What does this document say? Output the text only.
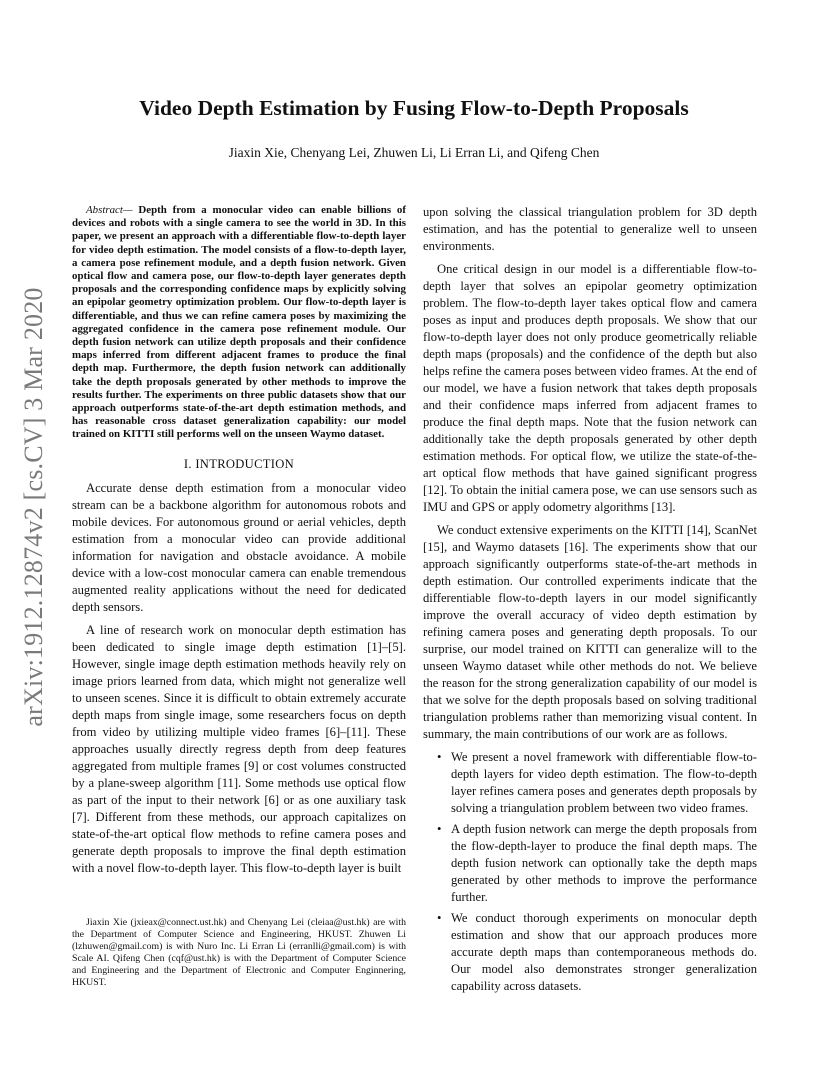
arXiv:1912.12874v2 [cs.CV] 3 Mar 2020
Video Depth Estimation by Fusing Flow-to-Depth Proposals
Jiaxin Xie, Chenyang Lei, Zhuwen Li, Li Erran Li, and Qifeng Chen

Abstract— Depth from a monocular video can enable billions of devices and robots with a single camera to see the world in 3D. In this paper, we present an approach with a differentiable flow-to-depth layer for video depth estimation. The model consists of a flow-to-depth layer, a camera pose refinement module, and a depth fusion network. Given optical flow and camera pose, our flow-to-depth layer generates depth proposals and the corresponding confidence maps by explicitly solving an epipolar geometry optimization problem. Our flow-to-depth layer is differentiable, and thus we can refine camera poses by maximizing the aggregated confidence in the camera pose refinement module. Our depth fusion network can utilize depth proposals and their confidence maps inferred from different adjacent frames to produce the final depth map. Furthermore, the depth fusion network can additionally take the depth proposals generated by other methods to improve the results further. The experiments on three public datasets show that our approach outperforms state-of-the-art depth estimation methods, and has reasonable cross dataset generalization capability: our model trained on KITTI still performs well on the unseen Waymo dataset.

I. INTRODUCTION

Accurate dense depth estimation from a monocular video stream can be a backbone algorithm for autonomous robots and mobile devices. For autonomous ground or aerial vehicles, depth estimation from a monocular video can provide additional information for navigation and obstacle avoidance. A mobile device with a low-cost monocular camera can enable tremendous augmented reality applications without the need for dedicated depth sensors.

A line of research work on monocular depth estimation has been dedicated to single image depth estimation [1]–[5]. However, single image depth estimation methods heavily rely on image priors learned from data, which might not generalize well to unseen scenes. Since it is difficult to obtain extremely accurate depth maps from single image, some researchers focus on depth from video by utilizing multiple video frames [6]–[11]. These approaches usually directly regress depth from deep features aggregated from multiple frames [9] or cost volumes constructed by a plane-sweep algorithm [11]. Some methods use optical flow as part of the input to their network [6] or as one auxiliary task [7]. Different from these methods, our approach capitalizes on state-of-the-art optical flow methods to refine camera poses and generate depth proposals to improve the final depth estimation with a novel flow-to-depth layer. This flow-to-depth layer is built

Jiaxin Xie (jxieax@connect.ust.hk) and Chenyang Lei (cleiaa@ust.hk) are with the Department of Computer Science and Engineering, HKUST. Zhuwen Li (lzhuwen@gmail.com) is with Nuro Inc. Li Erran Li (erranlli@gmail.com) is with Scale AI. Qifeng Chen (cqf@ust.hk) is with the Department of Computer Science and Engineering and the Department of Electronic and Computer Enginnering, HKUST.

upon solving the classical triangulation problem for 3D depth estimation, and has the potential to generalize well to unseen environments.

One critical design in our model is a differentiable flow-to-depth layer that solves an epipolar geometry optimization problem. The flow-to-depth layer takes optical flow and camera poses as input and produces depth proposals. We show that our flow-to-depth layer does not only produce geometrically reliable depth maps (proposals) and the confidence of the depth but also helps refine the camera poses between video frames. At the end of our model, we have a fusion network that takes depth proposals and their confidence maps inferred from adjacent frames to produce the final depth maps. Note that the fusion network can additionally take the depth proposals generated by other depth estimation methods. For optical flow, we utilize the state-of-the-art optical flow methods that have gained significant progress [12]. To obtain the initial camera pose, we can use sensors such as IMU and GPS or apply odometry algorithms [13].

We conduct extensive experiments on the KITTI [14], ScanNet [15], and Waymo datasets [16]. The experiments show that our approach significantly outperforms state-of-the-art methods in depth estimation. Our controlled experiments indicate that the differentiable flow-to-depth layers in our model significantly improve the overall accuracy of video depth estimation by refining camera poses and generating depth proposals. To our surprise, our model trained on KITTI can generalize will to the unseen Waymo dataset while other methods do not. We believe the reason for the strong generalization capability of our model is that we solve for the depth proposals based on solving traditional triangulation problems rather than memorizing visual content. In summary, the main contributions of our work are as follows.

• We present a novel framework with differentiable flow-to-depth layers for video depth estimation. The flow-to-depth layer refines camera poses and generates depth proposals by solving a triangulation problem between two video frames.
• A depth fusion network can merge the depth proposals from the flow-depth-layer to produce the final depth maps. The depth fusion network can optionally take the depth maps generated by other methods to improve the performance further.
• We conduct thorough experiments on monocular depth estimation and show that our approach produces more accurate depth maps than contemporaneous methods do. Our model also demonstrates stronger generalization capability across datasets.
